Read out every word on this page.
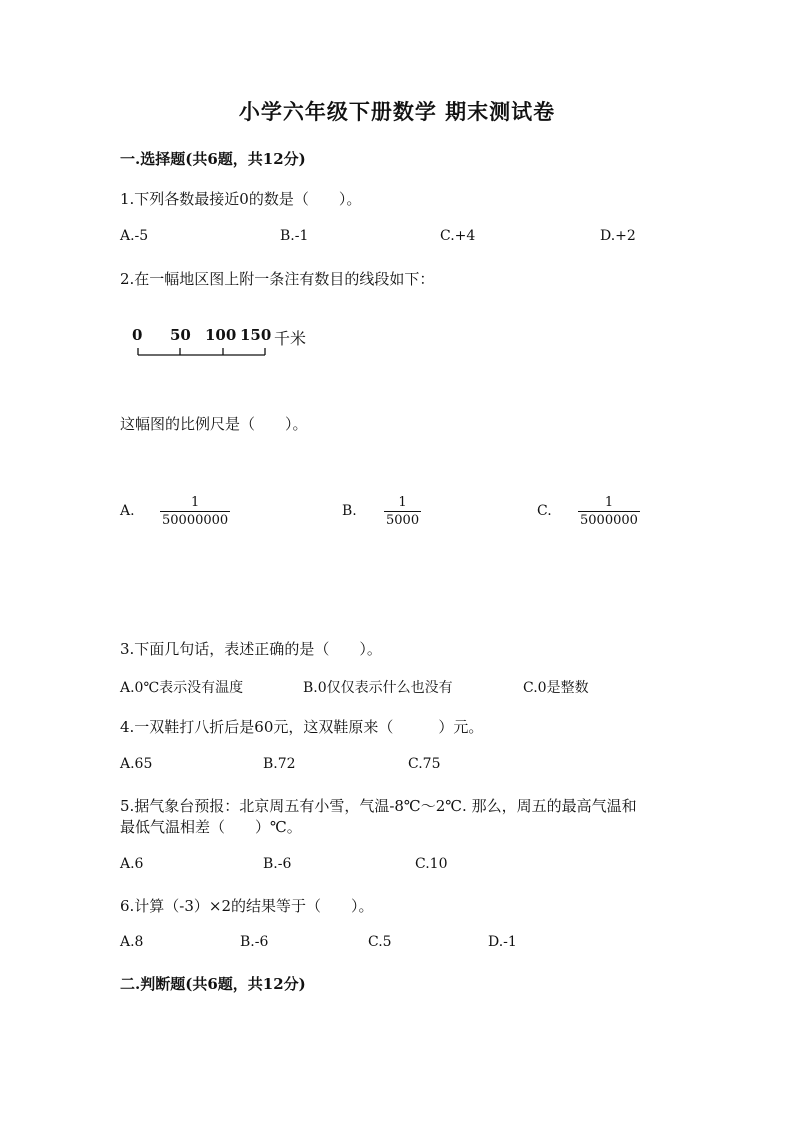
小学六年级下册数学 期末测试卷
一.选择题(共6题，共12分)
1.下列各数最接近0的数是（　　）。
A.-5	B.-1	C.+4	D.+2
2.在一幅地区图上附一条注有数目的线段如下：
0 50 100 150 千米
这幅图的比例尺是（　　）。
A. $\frac{1}{50000000}$	B. $\frac{1}{5000}$	C. $\frac{1}{5000000}$
3.下面几句话，表述正确的是（　　）。
A.0℃表示没有温度	B.0仅仅表示什么也没有	C.0是整数
4.一双鞋打八折后是60元，这双鞋原来（　　　）元。
A.65	B.72	C.75
5.据气象台预报：北京周五有小雪，气温-8℃～2℃. 那么，周五的最高气温和
最低气温相差（　　）℃。
A.6	B.-6	C.10
6.计算（-3）×2的结果等于（　　）。
A.8	B.-6	C.5	D.-1
二.判断题(共6题，共12分)
